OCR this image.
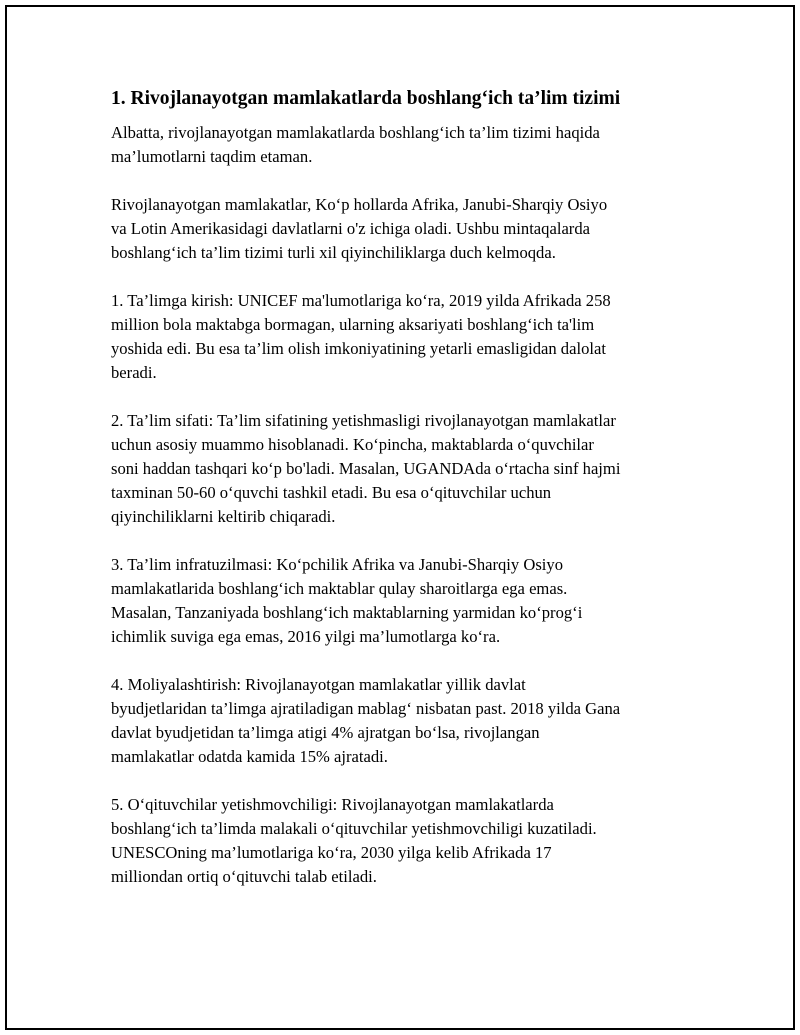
1. Rivojlanayotgan mamlakatlarda boshlang‘ich ta’lim tizimi
Albatta, rivojlanayotgan mamlakatlarda boshlang‘ich ta’lim tizimi haqida
ma’lumotlarni taqdim etaman.
Rivojlanayotgan mamlakatlar, Ko‘p hollarda Afrika, Janubi-Sharqiy Osiyo
va Lotin Amerikasidagi davlatlarni o'z ichiga oladi. Ushbu mintaqalarda
boshlang‘ich ta’lim tizimi turli xil qiyinchiliklarga duch kelmoqda.
1. Ta’limga kirish: UNICEF ma'lumotlariga ko‘ra, 2019 yilda Afrikada 258
million bola maktabga bormagan, ularning aksariyati boshlang‘ich ta'lim
yoshida edi. Bu esa ta’lim olish imkoniyatining yetarli emasligidan dalolat
beradi.
2. Ta’lim sifati: Ta’lim sifatining yetishmasligi rivojlanayotgan mamlakatlar
uchun asosiy muammo hisoblanadi. Ko‘pincha, maktablarda o‘quvchilar
soni haddan tashqari ko‘p bo'ladi. Masalan, UGANDAda o‘rtacha sinf hajmi
taxminan 50-60 o‘quvchi tashkil etadi. Bu esa o‘qituvchilar uchun
qiyinchiliklarni keltirib chiqaradi.
3. Ta’lim infratuzilmasi: Ko‘pchilik Afrika va Janubi-Sharqiy Osiyo
mamlakatlarida boshlang‘ich maktablar qulay sharoitlarga ega emas.
Masalan, Tanzaniyada boshlang‘ich maktablarning yarmidan ko‘prog‘i
ichimlik suviga ega emas, 2016 yilgi ma’lumotlarga ko‘ra.
4. Moliyalashtirish: Rivojlanayotgan mamlakatlar yillik davlat
byudjetlaridan ta’limga ajratiladigan mablag‘ nisbatan past. 2018 yilda Gana
davlat byudjetidan ta’limga atigi 4% ajratgan bo‘lsa, rivojlangan
mamlakatlar odatda kamida 15% ajratadi.
5. O‘qituvchilar yetishmovchiligi: Rivojlanayotgan mamlakatlarda
boshlang‘ich ta’limda malakali o‘qituvchilar yetishmovchiligi kuzatiladi.
UNESCOning ma’lumotlariga ko‘ra, 2030 yilga kelib Afrikada 17
milliondan ortiq o‘qituvchi talab etiladi.
